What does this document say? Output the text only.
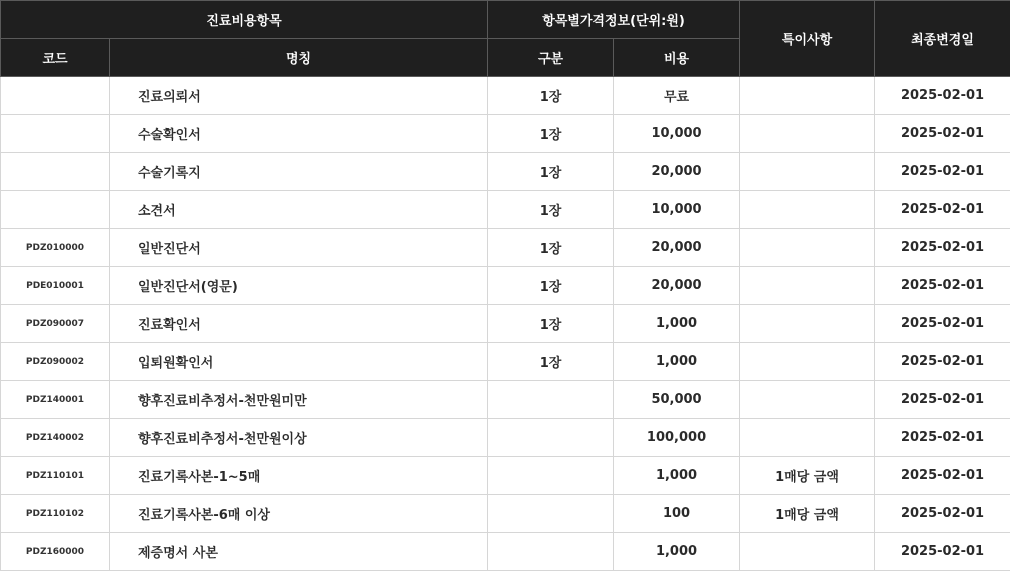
진료비용항목		항목별가격정보(단위:원)		특이사항	최종변경일
코드	명칭	구분	비용		
	진료의뢰서	1장	무료		2025-02-01
	수술확인서	1장	10,000		2025-02-01
	수술기록지	1장	20,000		2025-02-01
	소견서	1장	10,000		2025-02-01
PDZ010000	일반진단서	1장	20,000		2025-02-01
PDE010001	일반진단서(영문)	1장	20,000		2025-02-01
PDZ090007	진료확인서	1장	1,000		2025-02-01
PDZ090002	입퇴원확인서	1장	1,000		2025-02-01
PDZ140001	향후진료비추정서-천만원미만		50,000		2025-02-01
PDZ140002	향후진료비추정서-천만원이상		100,000		2025-02-01
PDZ110101	진료기록사본-1~5매		1,000	1매당 금액	2025-02-01
PDZ110102	진료기록사본-6매 이상		100	1매당 금액	2025-02-01
PDZ160000	제증명서 사본		1,000		2025-02-01
